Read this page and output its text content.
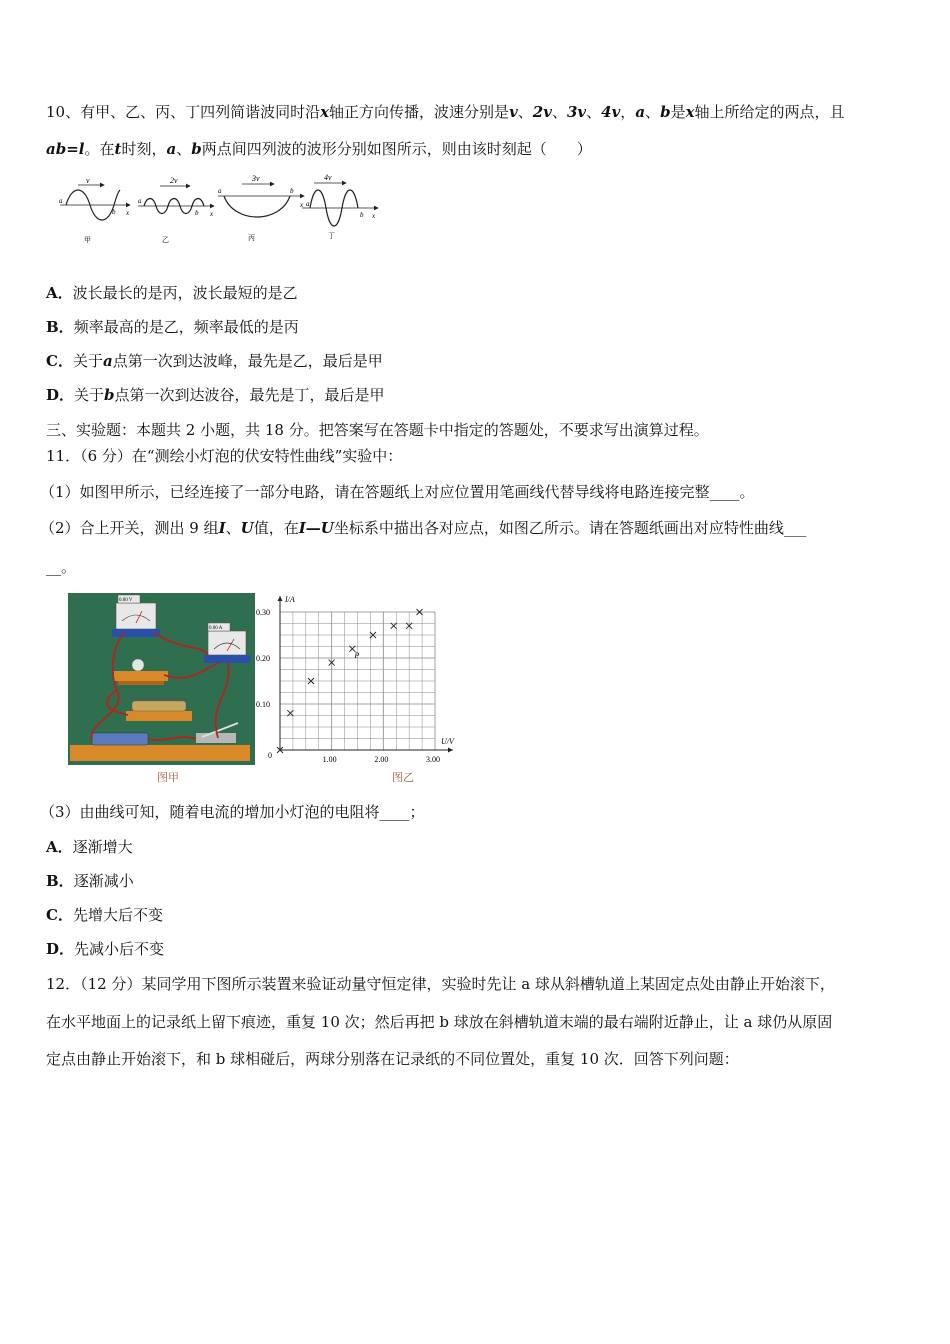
10、有甲、乙、丙、丁四列简谐波同时沿x轴正方向传播，波速分别是v、2v、3v、4v，a、b是x轴上所给定的两点，且
ab=l。在t时刻，a、b两点间四列波的波形分别如图所示，则由该时刻起（　　）
v
a
b x
甲
2v
a
b x
乙
3v
a	b
x
丙
4v
a
b x
丁
A．波长最长的是丙，波长最短的是乙
B．频率最高的是乙，频率最低的是丙
C．关于a点第一次到达波峰，最先是乙，最后是甲
D．关于b点第一次到达波谷，最先是丁，最后是甲
三、实验题：本题共 2 小题，共 18 分。把答案写在答题卡中指定的答题处，不要求写出演算过程。
11．（6 分）在“测绘小灯泡的伏安特性曲线”实验中：
（1）如图甲所示，已经连接了一部分电路，请在答题纸上对应位置用笔画线代替导线将电路连接完整____。
（2）合上开关，测出 9 组I、U值，在I—U坐标系中描出各对应点，如图乙所示。请在答题纸画出对应特性曲线___
__。
0.00 V
0.00 A
图甲
1.00	2.00	3.00
0.10
0.20
0.30
0
U/V
I/A
P
图乙
（3）由曲线可知，随着电流的增加小灯泡的电阻将____；
A．逐渐增大
B．逐渐减小
C．先增大后不变
D．先减小后不变
12．（12 分）某同学用下图所示装置来验证动量守恒定律，实验时先让 a 球从斜槽轨道上某固定点处由静止开始滚下，
在水平地面上的记录纸上留下痕迹，重复 10 次；然后再把 b 球放在斜槽轨道末端的最右端附近静止，让 a 球仍从原固
定点由静止开始滚下，和 b 球相碰后，两球分别落在记录纸的不同位置处，重复 10 次．回答下列问题：
